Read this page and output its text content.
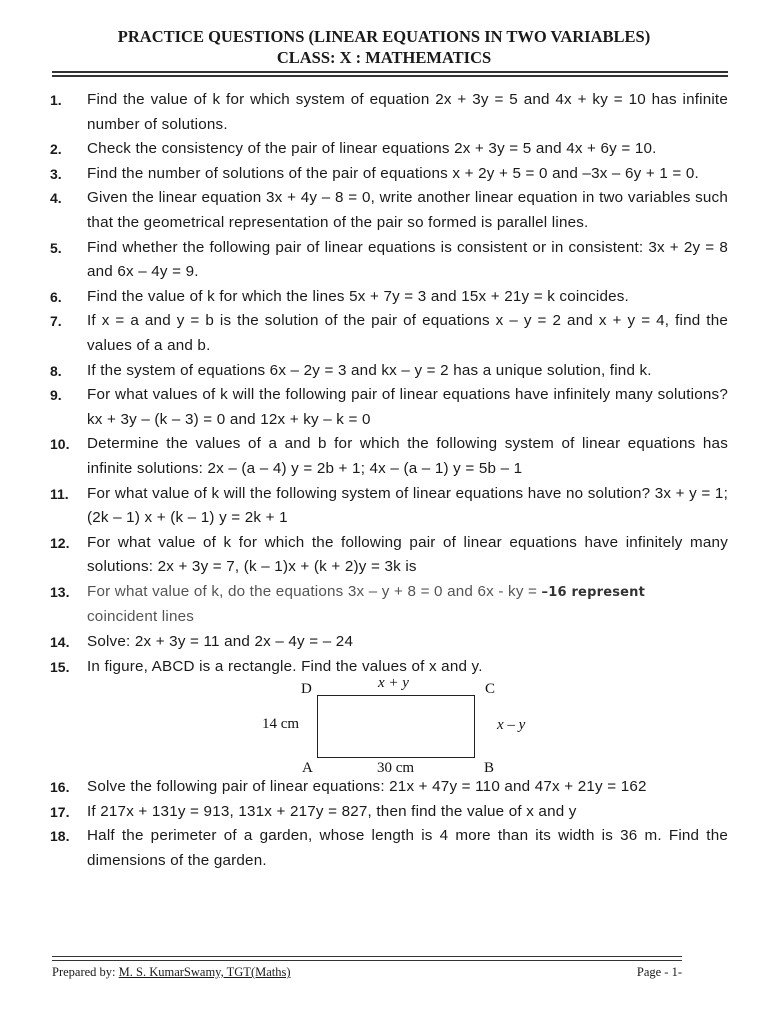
PRACTICE QUESTIONS (LINEAR EQUATIONS IN TWO VARIABLES)
CLASS: X : MATHEMATICS
1.	Find the value of k for which system of equation 2x + 3y = 5 and 4x + ky = 10 has infinite number of solutions.
2.	Check the consistency of the pair of linear equations 2x + 3y = 5 and 4x + 6y = 10.
3.	Find the number of solutions of the pair of equations x + 2y + 5 = 0 and –3x – 6y + 1 = 0.
4.	Given the linear equation 3x + 4y – 8 = 0, write another linear equation in two variables such that the geometrical representation of the pair so formed is parallel lines.
5.	Find whether the following pair of linear equations is consistent or in consistent: 3x + 2y = 8 and 6x – 4y = 9.
6.	Find the value of k for which the lines 5x + 7y = 3 and 15x + 21y = k coincides.
7.	If x = a and y = b is the solution of the pair of equations x – y = 2 and x + y = 4, find the values of a and b.
8.	If the system of equations 6x – 2y = 3 and kx – y = 2 has a unique solution, find k.
9.	For what values of k will the following pair of linear equations have infinitely many solutions? kx + 3y – (k – 3) = 0 and 12x + ky – k = 0
10.	Determine the values of a and b for which the following system of linear equations has infinite solutions: 2x – (a – 4) y = 2b + 1; 4x – (a – 1) y = 5b – 1
11.	For what value of k will the following system of linear equations have no solution? 3x + y = 1; (2k – 1) x + (k – 1) y = 2k + 1
12.	For what value of k for which the following pair of linear equations have infinitely many solutions: 2x + 3y = 7, (k – 1)x + (k + 2)y = 3k is
13.	For what value of k, do the equations 3x – y + 8 = 0 and 6x - ky = –16 represent
coincident lines
14.	Solve: 2x + 3y = 11 and 2x – 4y = – 24
15.	In figure, ABCD is a rectangle. Find the values of x and y.
D	C
A	B
x + y
x – y
14 cm
30 cm
16.	Solve the following pair of linear equations: 21x + 47y = 110 and 47x + 21y = 162
17.	If 217x + 131y = 913, 131x + 217y = 827, then find the value of x and y
18.	Half the perimeter of a garden, whose length is 4 more than its width is 36 m. Find the dimensions of the garden.
Prepared by: M. S. KumarSwamy, TGT(Maths)	Page - 1-
